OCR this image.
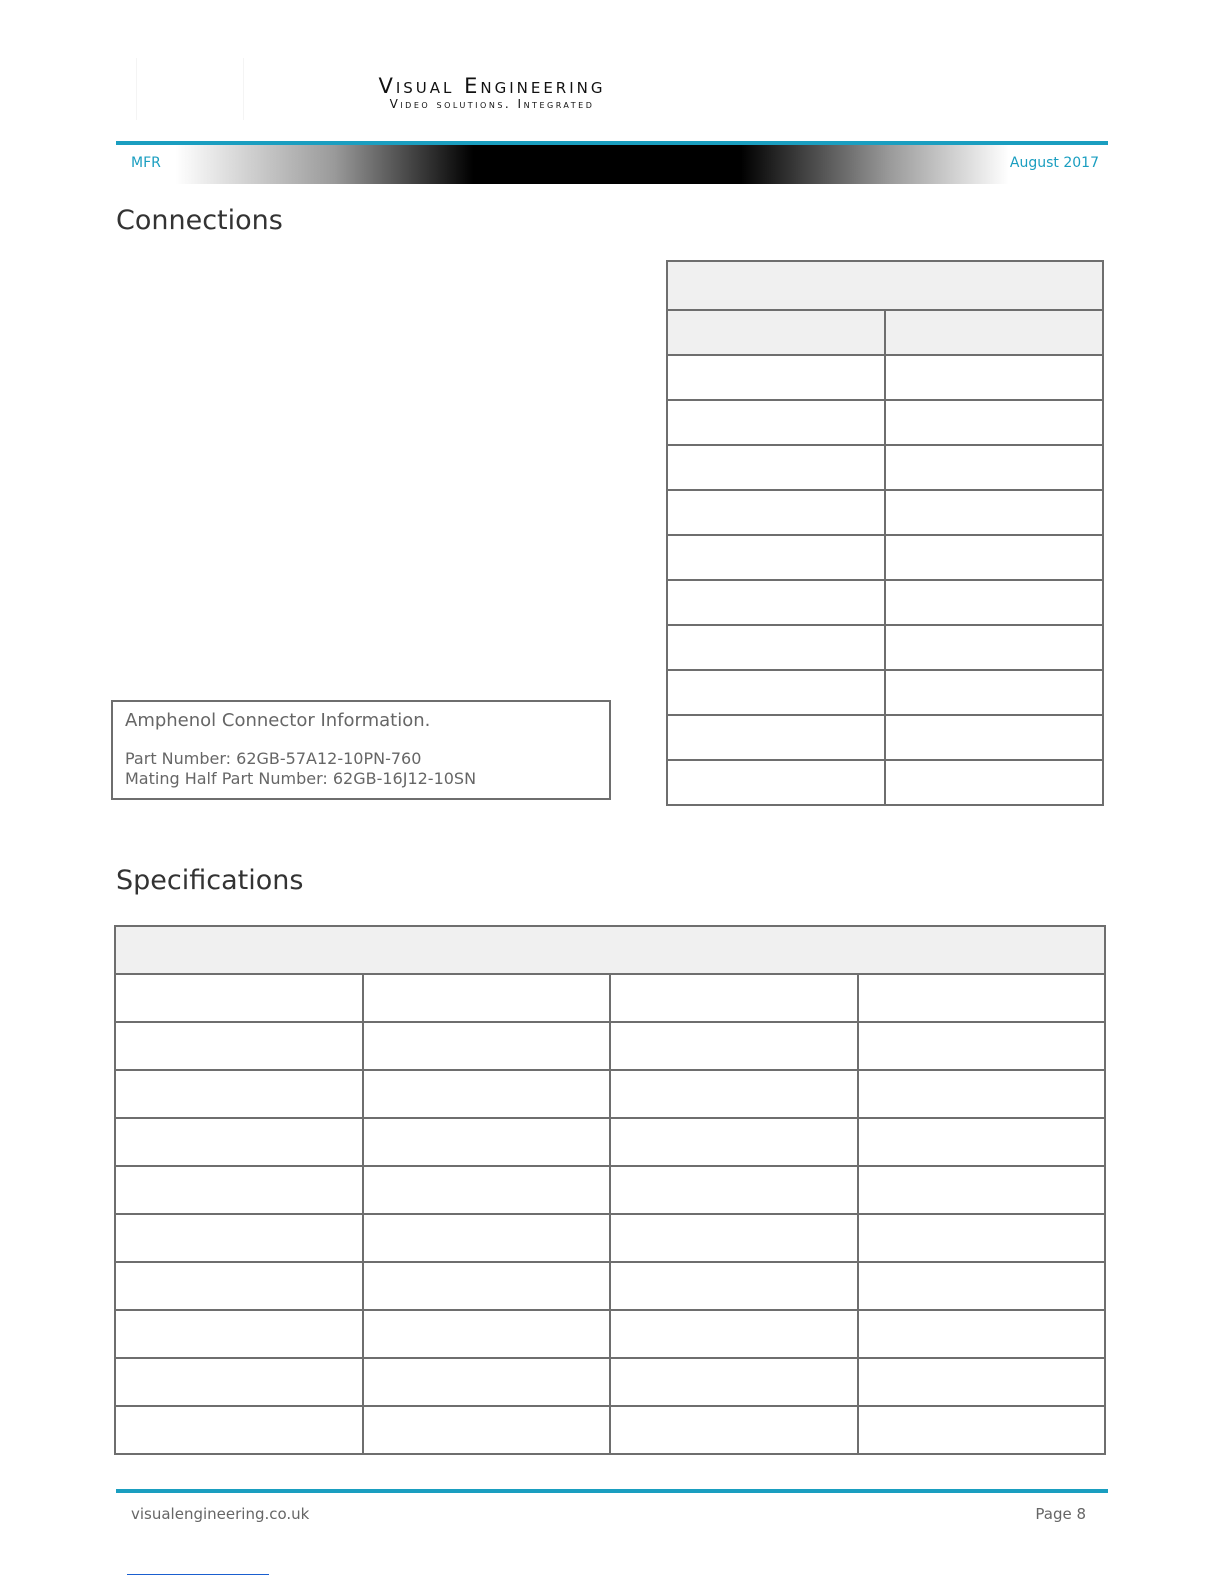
Visual Engineering
Video solutions. Integrated
MFR	August 2017
Connections
Amphenol Connector Information.
Part Number: 62GB-57A12-10PN-760
Mating Half Part Number: 62GB-16J12-10SN

Specifications

visualengineering.co.uk	Page 8
